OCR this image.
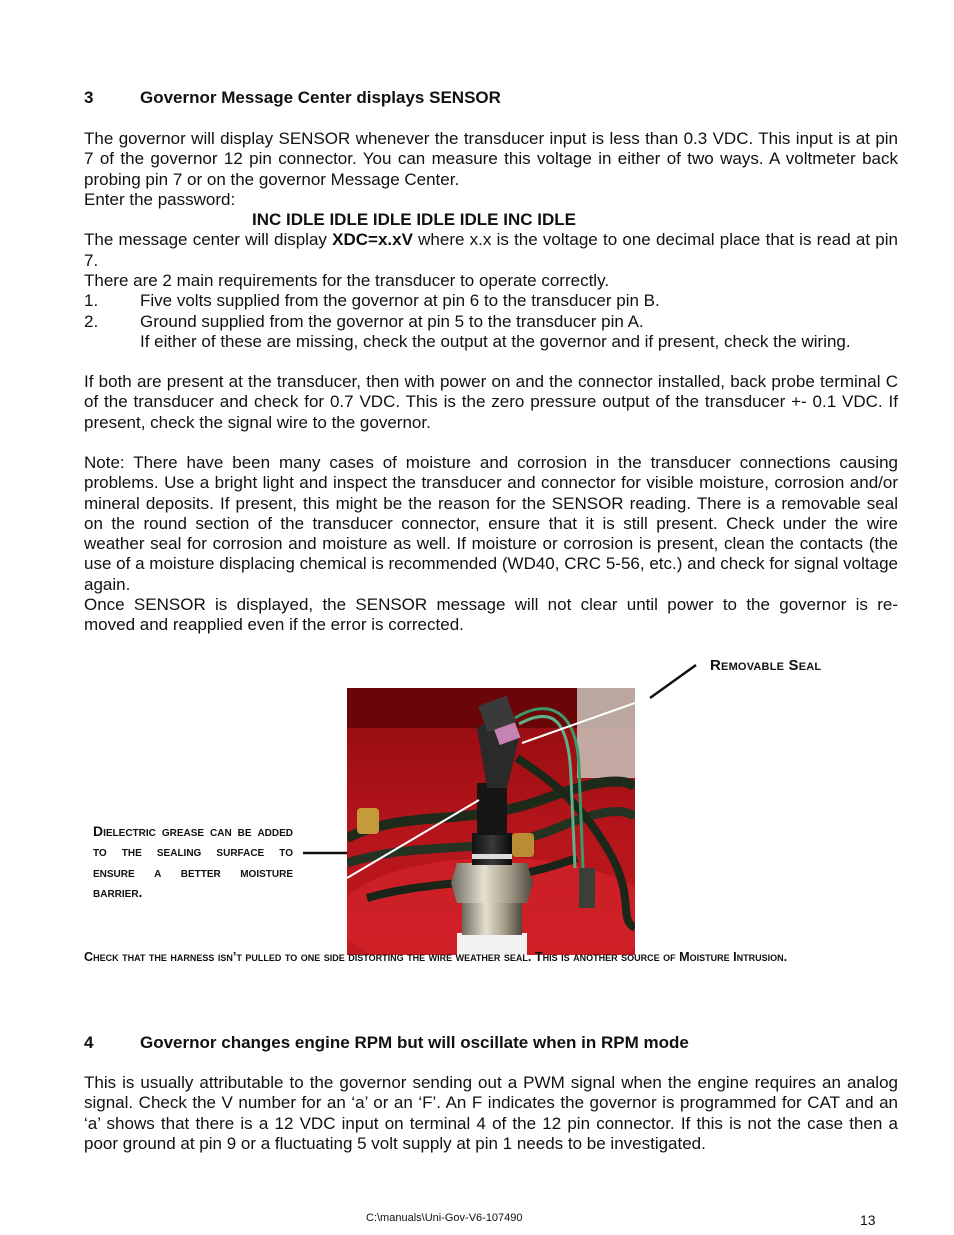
3	Governor Message Center displays SENSOR
The governor will display SENSOR whenever the transducer input is less than 0.3 VDC. This input is at pin 7 of the governor 12 pin connector. You can measure this voltage in either of two ways. A voltmeter back probing pin 7 or on the governor Message Center.
Enter the password:
INC IDLE IDLE IDLE IDLE IDLE INC IDLE
The message center will display XDC=x.xV where x.x is the voltage to one decimal place that is read at pin 7.
There are 2 main requirements for the transducer to operate correctly.
1. Five volts supplied from the governor at pin 6 to the transducer pin B.
2. Ground supplied from the governor at pin 5 to the transducer pin A.
If either of these are missing, check the output at the governor and if present, check the wiring.
If both are present at the transducer, then with power on and the connector installed, back probe terminal C of the transducer and check for 0.7 VDC. This is the zero pressure output of the transducer +- 0.1 VDC. If present, check the signal wire to the governor.
Note: There have been many cases of moisture and corrosion in the transducer connections causing problems. Use a bright light and inspect the transducer and connector for visible moisture, corrosion and/or mineral deposits. If present, this might be the reason for the SENSOR reading. There is a removable seal on the round section of the transducer connector, ensure that it is still present. Check under the wire weather seal for corrosion and moisture as well. If moisture or corrosion is present, clean the contacts (the use of a moisture displacing chemical is recommended (WD40, CRC 5-56, etc.) and check for signal voltage again.
Once SENSOR is displayed, the SENSOR message will not clear until power to the governor is re-
moved and reapplied even if the error is corrected.
Removable Seal
Dielectric grease can be added to the sealing surface to ensure a better moisture barrier.
Check that the harness isn’t pulled to one side distorting the wire weather seal. This is another source of Moisture Intrusion.
4	Governor changes engine RPM but will oscillate when in RPM mode
This is usually attributable to the governor sending out a PWM signal when the engine requires an analog signal. Check the V number for an ‘a’ or an ‘F’. An F indicates the governor is programmed for CAT and an ‘a’ shows that there is a 12 VDC input on terminal 4 of the 12 pin connector. If this is not the case then a poor ground at pin 9 or a fluctuating 5 volt supply at pin 1 needs to be investigated.
C:\manuals\Uni-Gov-V6-107490	13
